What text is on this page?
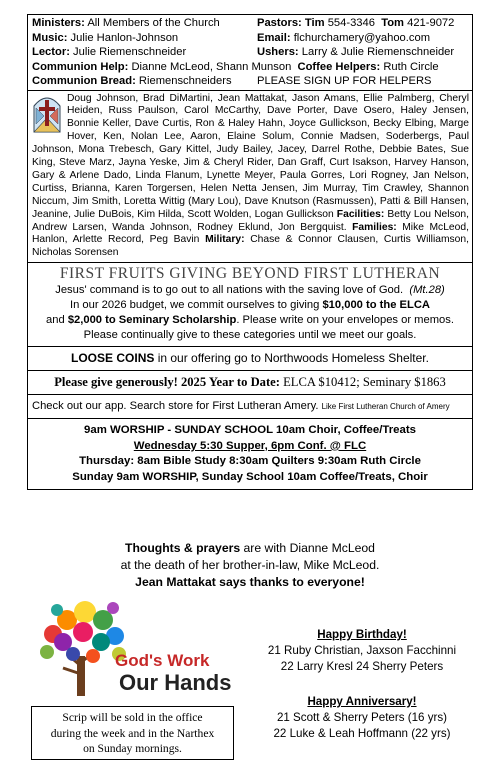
Ministers: All Members of the Church	Pastors: Tim 554-3346 Tom 421-9072
Music: Julie Hanlon-Johnson	Email: flchurchamery@yahoo.com
Lector: Julie Riemenschneider	Ushers: Larry & Julie Riemenschneider
Communion Help: Dianne McLeod, Shann Munson Coffee Helpers: Ruth Circle
Communion Bread: Riemenschneiders	PLEASE SIGN UP FOR HELPERS
Doug Johnson, Brad DiMartini, Jean Mattakat, Jason Amans, Ellie Palmberg, Cheryl Heiden, Russ Paulson, Carol McCarthy, Dave Porter, Dave Osero, Haley Jensen, Bonnie Keller, Dave Curtis, Ron & Haley Hahn, Joyce Gullickson, Becky Elbing, Marge Hover, Ken, Nolan Lee, Aaron, Elaine Solum, Connie Madsen, Soderbergs, Paul Johnson, Mona Trebesch, Gary Kittel, Judy Bailey, Jacey, Darrel Rothe, Debbie Bates, Sue King, Steve Marz, Jayna Yeske, Jim & Cheryl Rider, Dan Graff, Curt Isakson, Harvey Hanson, Gary & Arlene Dado, Linda Flanum, Lynette Meyer, Paula Gorres, Lori Rogney, Jan Nelson, Curtiss, Brianna, Karen Torgersen, Helen Netta Jensen, Jim Murray, Tim Crawley, Shannon Niccum, Jim Smith, Loretta Wittig (Mary Lou), Dave Knutson (Rasmussen), Patti & Bill Hansen, Jeanine, Julie DuBois, Kim Hilda, Scott Wolden, Logan Gullickson Facilities: Betty Lou Nelson, Andrew Larsen, Wanda Johnson, Rodney Eklund, Jon Bergquist. Families: Mike McLeod, Hanlon, Arlette Record, Peg Bavin Military: Chase & Connor Clausen, Curtis Williamson, Nicholas Sorensen
FIRST FRUITS GIVING BEYOND FIRST LUTHERAN
Jesus' command is to go out to all nations with the saving love of God. (Mt.28)
In our 2026 budget, we commit ourselves to giving $10,000 to the ELCA
and $2,000 to Seminary Scholarship. Please write on your envelopes or memos.
Please continually give to these categories until we meet our goals.
LOOSE COINS in our offering go to Northwoods Homeless Shelter.
Please give generously! 2025 Year to Date: ELCA $10412; Seminary $1863
Check out our app. Search store for First Lutheran Amery. Like First Lutheran Church of Amery
9am WORSHIP - SUNDAY SCHOOL 10am Choir, Coffee/Treats
Wednesday 5:30 Supper, 6pm Conf. @ FLC
Thursday: 8am Bible Study 8:30am Quilters 9:30am Ruth Circle
Sunday 9am WORSHIP, Sunday School 10am Coffee/Treats, Choir
Thoughts & prayers are with Dianne McLeod
at the death of her brother-in-law, Mike McLeod.
Jean Mattakat says thanks to everyone!
God's Work
Our Hands
Scrip will be sold in the office
during the week and in the Narthex
on Sunday mornings.
Happy Birthday!
21 Ruby Christian, Jaxson Facchinni
22 Larry Kresl 24 Sherry Peters
Happy Anniversary!
21 Scott & Sherry Peters (16 yrs)
22 Luke & Leah Hoffmann (22 yrs)
